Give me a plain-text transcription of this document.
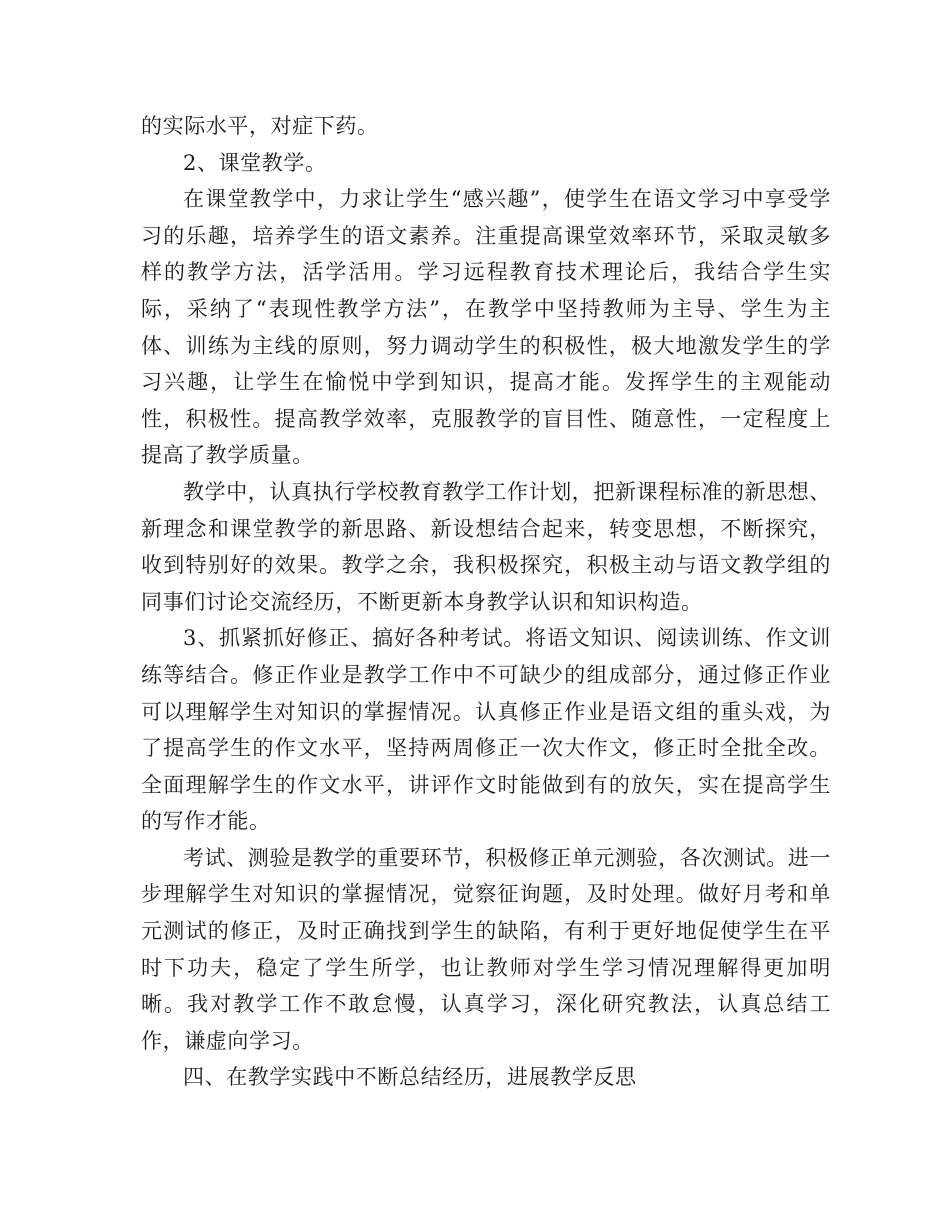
的实际水平，对症下药。

2、课堂教学。

在课堂教学中，力求让学生“感兴趣”，使学生在语文学习中享受学习的乐趣，培养学生的语文素养。注重提高课堂效率环节，采取灵敏多样的教学方法，活学活用。学习远程教育技术理论后，我结合学生实际，采纳了“表现性教学方法”，在教学中坚持教师为主导、学生为主体、训练为主线的原则，努力调动学生的积极性，极大地激发学生的学习兴趣，让学生在愉悦中学到知识，提高才能。发挥学生的主观能动性，积极性。提高教学效率，克服教学的盲目性、随意性，一定程度上提高了教学质量。

教学中，认真执行学校教育教学工作计划，把新课程标准的新思想、新理念和课堂教学的新思路、新设想结合起来，转变思想，不断探究，收到特别好的效果。教学之余，我积极探究，积极主动与语文教学组的同事们讨论交流经历，不断更新本身教学认识和知识构造。

3、抓紧抓好修正、搞好各种考试。将语文知识、阅读训练、作文训练等结合。修正作业是教学工作中不可缺少的组成部分，通过修正作业可以理解学生对知识的掌握情况。认真修正作业是语文组的重头戏，为了提高学生的作文水平，坚持两周修正一次大作文，修正时全批全改。全面理解学生的作文水平，讲评作文时能做到有的放矢，实在提高学生的写作才能。

考试、测验是教学的重要环节，积极修正单元测验，各次测试。进一步理解学生对知识的掌握情况，觉察征询题，及时处理。做好月考和单元测试的修正，及时正确找到学生的缺陷，有利于更好地促使学生在平时下功夫，稳定了学生所学，也让教师对学生学习情况理解得更加明晰。我对教学工作不敢怠慢，认真学习，深化研究教法，认真总结工作，谦虚向学习。

四、在教学实践中不断总结经历，进展教学反思
